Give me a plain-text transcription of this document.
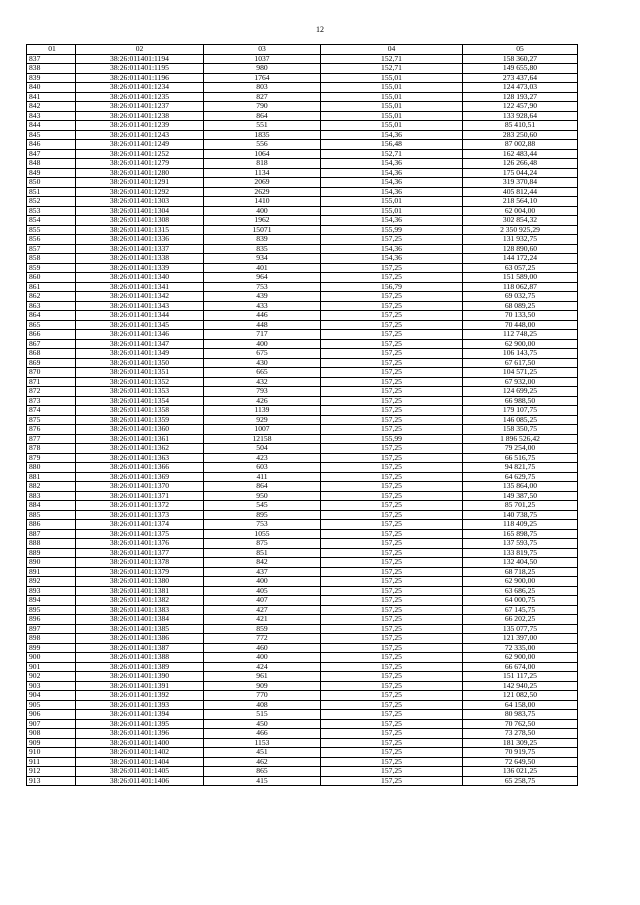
12
01	02	03	04	05
837	38:26:011401:1194	1037	152,71	158 360,27
838	38:26:011401:1195	980	152,71	149 655,80
839	38:26:011401:1196	1764	155,01	273 437,64
840	38:26:011401:1234	803	155,01	124 473,03
841	38:26:011401:1235	827	155,01	128 193,27
842	38:26:011401:1237	790	155,01	122 457,90
843	38:26:011401:1238	864	155,01	133 928,64
844	38:26:011401:1239	551	155,01	85 410,51
845	38:26:011401:1243	1835	154,36	283 250,60
846	38:26:011401:1249	556	156,48	87 002,88
847	38:26:011401:1252	1064	152,71	162 483,44
848	38:26:011401:1279	818	154,36	126 266,48
849	38:26:011401:1280	1134	154,36	175 044,24
850	38:26:011401:1291	2069	154,36	319 370,84
851	38:26:011401:1292	2629	154,36	405 812,44
852	38:26:011401:1303	1410	155,01	218 564,10
853	38:26:011401:1304	400	155,01	62 004,00
854	38:26:011401:1308	1962	154,36	302 854,32
855	38:26:011401:1315	15071	155,99	2 350 925,29
856	38:26:011401:1336	839	157,25	131 932,75
857	38:26:011401:1337	835	154,36	128 890,60
858	38:26:011401:1338	934	154,36	144 172,24
859	38:26:011401:1339	401	157,25	63 057,25
860	38:26:011401:1340	964	157,25	151 589,00
861	38:26:011401:1341	753	156,79	118 062,87
862	38:26:011401:1342	439	157,25	69 032,75
863	38:26:011401:1343	433	157,25	68 089,25
864	38:26:011401:1344	446	157,25	70 133,50
865	38:26:011401:1345	448	157,25	70 448,00
866	38:26:011401:1346	717	157,25	112 748,25
867	38:26:011401:1347	400	157,25	62 900,00
868	38:26:011401:1349	675	157,25	106 143,75
869	38:26:011401:1350	430	157,25	67 617,50
870	38:26:011401:1351	665	157,25	104 571,25
871	38:26:011401:1352	432	157,25	67 932,00
872	38:26:011401:1353	793	157,25	124 699,25
873	38:26:011401:1354	426	157,25	66 988,50
874	38:26:011401:1358	1139	157,25	179 107,75
875	38:26:011401:1359	929	157,25	146 085,25
876	38:26:011401:1360	1007	157,25	158 350,75
877	38:26:011401:1361	12158	155,99	1 896 526,42
878	38:26:011401:1362	504	157,25	79 254,00
879	38:26:011401:1363	423	157,25	66 516,75
880	38:26:011401:1366	603	157,25	94 821,75
881	38:26:011401:1369	411	157,25	64 629,75
882	38:26:011401:1370	864	157,25	135 864,00
883	38:26:011401:1371	950	157,25	149 387,50
884	38:26:011401:1372	545	157,25	85 701,25
885	38:26:011401:1373	895	157,25	140 738,75
886	38:26:011401:1374	753	157,25	118 409,25
887	38:26:011401:1375	1055	157,25	165 898,75
888	38:26:011401:1376	875	157,25	137 593,75
889	38:26:011401:1377	851	157,25	133 819,75
890	38:26:011401:1378	842	157,25	132 404,50
891	38:26:011401:1379	437	157,25	68 718,25
892	38:26:011401:1380	400	157,25	62 900,00
893	38:26:011401:1381	405	157,25	63 686,25
894	38:26:011401:1382	407	157,25	64 000,75
895	38:26:011401:1383	427	157,25	67 145,75
896	38:26:011401:1384	421	157,25	66 202,25
897	38:26:011401:1385	859	157,25	135 077,75
898	38:26:011401:1386	772	157,25	121 397,00
899	38:26:011401:1387	460	157,25	72 335,00
900	38:26:011401:1388	400	157,25	62 900,00
901	38:26:011401:1389	424	157,25	66 674,00
902	38:26:011401:1390	961	157,25	151 117,25
903	38:26:011401:1391	909	157,25	142 940,25
904	38:26:011401:1392	770	157,25	121 082,50
905	38:26:011401:1393	408	157,25	64 158,00
906	38:26:011401:1394	515	157,25	80 983,75
907	38:26:011401:1395	450	157,25	70 762,50
908	38:26:011401:1396	466	157,25	73 278,50
909	38:26:011401:1400	1153	157,25	181 309,25
910	38:26:011401:1402	451	157,25	70 919,75
911	38:26:011401:1404	462	157,25	72 649,50
912	38:26:011401:1405	865	157,25	136 021,25
913	38:26:011401:1406	415	157,25	65 258,75
